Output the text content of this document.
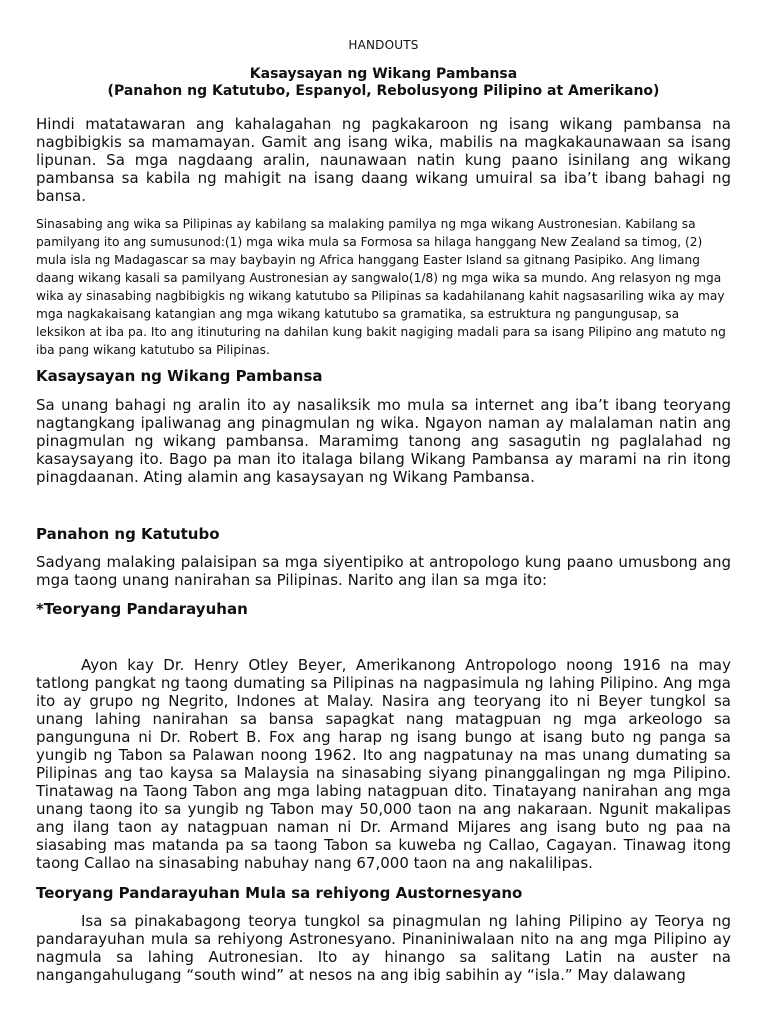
HANDOUTS
Kasaysayan ng Wikang Pambansa
(Panahon ng Katutubo, Espanyol, Rebolusyong Pilipino at Amerikano)

Hindi matatawaran ang kahalagahan ng pagkakaroon ng isang wikang pambansa na nagbibigkis sa mamamayan. Gamit ang isang wika, mabilis na magkakaunawaan sa isang lipunan. Sa mga nagdaang aralin, naunawaan natin kung paano isinilang ang wikang pambansa sa kabila ng mahigit na isang daang wikang umuiral sa iba’t ibang bahagi ng bansa.

Sinasabing ang wika sa Pilipinas ay kabilang sa malaking pamilya ng mga wikang Austronesian. Kabilang sa pamilyang ito ang sumusunod:(1) mga wika mula sa Formosa sa hilaga hanggang New Zealand sa timog, (2) mula isla ng Madagascar sa may baybayin ng Africa hanggang Easter Island sa gitnang Pasipiko. Ang limang daang wikang kasali sa pamilyang Austronesian ay sangwalo(1/8) ng mga wika sa mundo. Ang relasyon ng mga wika ay sinasabing nagbibigkis ng wikang katutubo sa Pilipinas sa kadahilanang kahit nagsasariling wika ay may mga nagkakaisang katangian ang mga wikang katutubo sa gramatika, sa estruktura ng pangungusap, sa leksikon at iba pa. Ito ang itinuturing na dahilan kung bakit nagiging madali para sa isang Pilipino ang matuto ng iba pang wikang katutubo sa Pilipinas.

Kasaysayan ng Wikang Pambansa

Sa unang bahagi ng aralin ito ay nasaliksik mo mula sa internet ang iba’t ibang teoryang nagtangkang ipaliwanag ang pinagmulan ng wika. Ngayon naman ay malalaman natin ang pinagmulan ng wikang pambansa. Maramimg tanong ang sasagutin ng paglalahad ng kasaysayang ito. Bago pa man ito italaga bilang Wikang Pambansa ay marami na rin itong pinagdaanan. Ating alamin ang kasaysayan ng Wikang Pambansa.

Panahon ng Katutubo

Sadyang malaking palaisipan sa mga siyentipiko at antropologo kung paano umusbong ang mga taong unang nanirahan sa Pilipinas. Narito ang ilan sa mga ito:

*Teoryang Pandarayuhan

Ayon kay Dr. Henry Otley Beyer, Amerikanong Antropologo noong 1916 na may tatlong pangkat ng taong dumating sa Pilipinas na nagpasimula ng lahing Pilipino. Ang mga ito ay grupo ng Negrito, Indones at Malay. Nasira ang teoryang ito ni Beyer tungkol sa unang lahing nanirahan sa bansa sapagkat nang matagpuan ng mga arkeologo sa pangunguna ni Dr. Robert B. Fox ang harap ng isang bungo at isang buto ng panga sa yungib ng Tabon sa Palawan noong 1962. Ito ang nagpatunay na mas unang dumating sa Pilipinas ang tao kaysa sa Malaysia na sinasabing siyang pinanggalingan ng mga Pilipino. Tinatawag na Taong Tabon ang mga labing natagpuan dito. Tinatayang nanirahan ang mga unang taong ito sa yungib ng Tabon may 50,000 taon na ang nakaraan. Ngunit makalipas ang ilang taon ay natagpuan naman ni Dr. Armand Mijares ang isang buto ng paa na siasabing mas matanda pa sa taong Tabon sa kuweba ng Callao, Cagayan. Tinawag itong taong Callao na sinasabing nabuhay nang 67,000 taon na ang nakalilipas.

Teoryang Pandarayuhan Mula sa rehiyong Austornesyano

Isa sa pinakabagong teorya tungkol sa pinagmulan ng lahing Pilipino ay Teorya ng pandarayuhan mula sa rehiyong Astronesyano. Pinaniniwalaan nito na ang mga Pilipino ay nagmula sa lahing Autronesian. Ito ay hinango sa salitang Latin na auster na nangangahulugang “south wind” at nesos na ang ibig sabihin ay “isla.” May dalawang
